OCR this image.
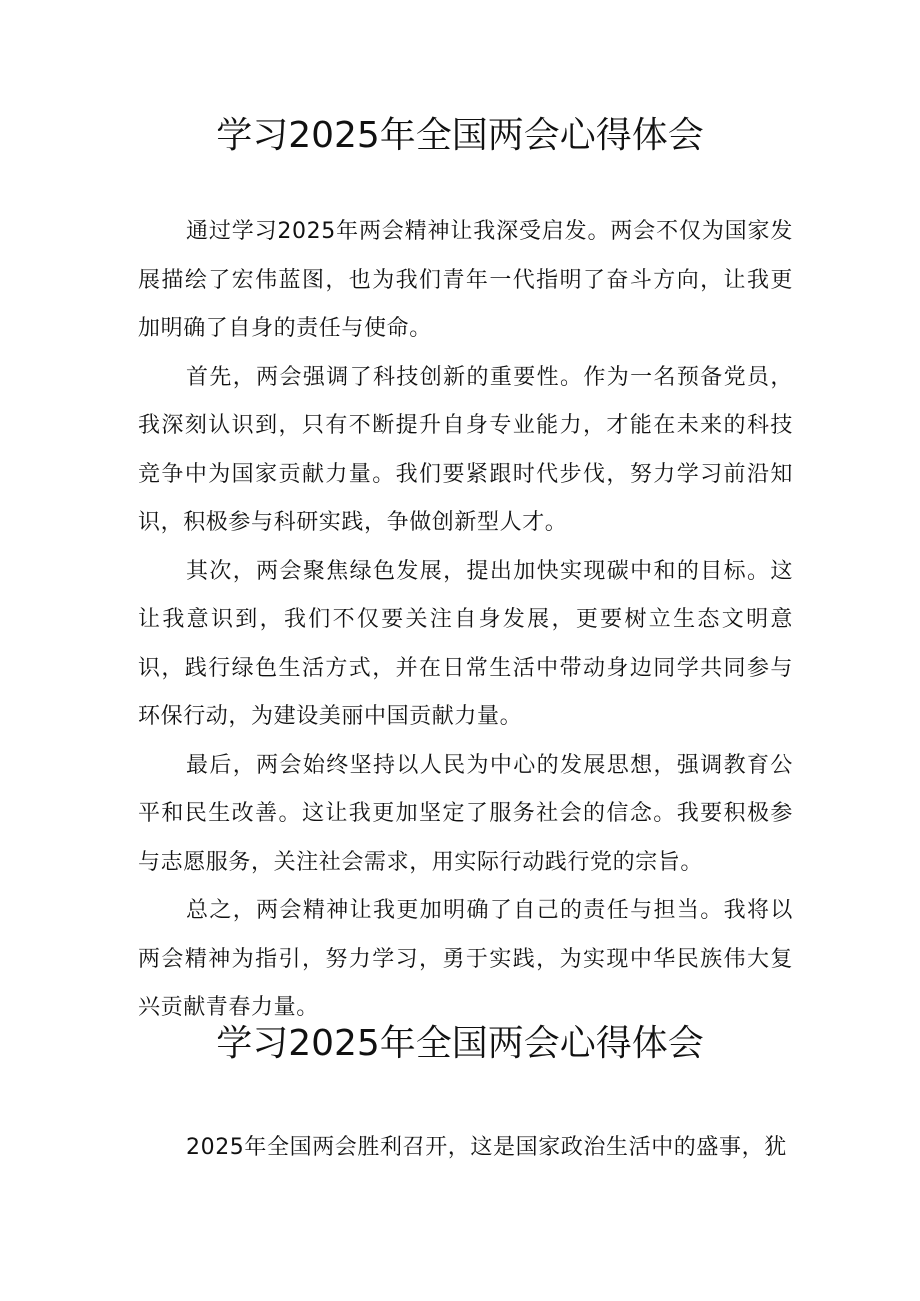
学习2025年全国两会心得体会

通过学习2025年两会精神让我深受启发。两会不仅为国家发展描绘了宏伟蓝图，也为我们青年一代指明了奋斗方向，让我更加明确了自身的责任与使命。

首先，两会强调了科技创新的重要性。作为一名预备党员，我深刻认识到，只有不断提升自身专业能力，才能在未来的科技竞争中为国家贡献力量。我们要紧跟时代步伐，努力学习前沿知识，积极参与科研实践，争做创新型人才。

其次，两会聚焦绿色发展，提出加快实现碳中和的目标。这让我意识到，我们不仅要关注自身发展，更要树立生态文明意识，践行绿色生活方式，并在日常生活中带动身边同学共同参与环保行动，为建设美丽中国贡献力量。

最后，两会始终坚持以人民为中心的发展思想，强调教育公平和民生改善。这让我更加坚定了服务社会的信念。我要积极参与志愿服务，关注社会需求，用实际行动践行党的宗旨。

总之，两会精神让我更加明确了自己的责任与担当。我将以两会精神为指引，努力学习，勇于实践，为实现中华民族伟大复兴贡献青春力量。

学习2025年全国两会心得体会

2025年全国两会胜利召开，这是国家政治生活中的盛事，犹
